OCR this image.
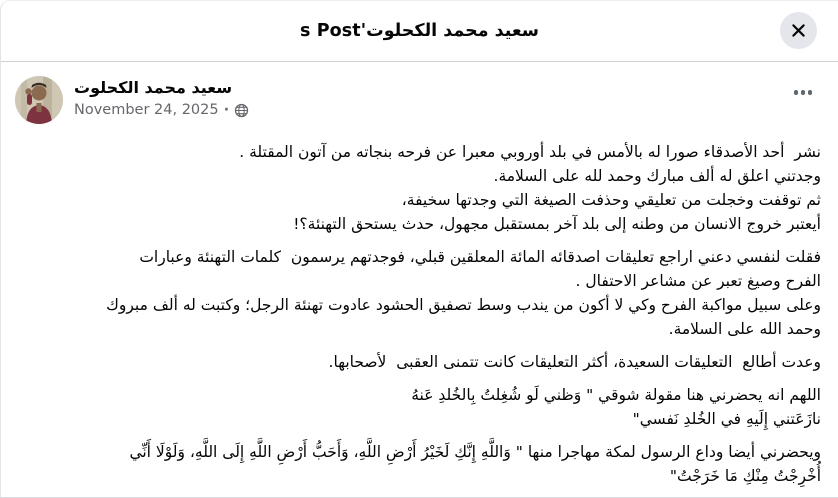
سعيد محمد الكحلوت's Post
سعيد محمد الكحلوت
November 24, 2025 ·
نشر  أحد الأصدقاء صورا له بالأمس في بلد أوروبي معبرا عن فرحه بنجاته من آتون المقتلة .
وجدتني اعلق له ألف مبارك وحمد لله على السلامة.
ثم توقفت وخجلت من تعليقي وحذفت الصيغة التي وجدتها سخيفة،
أيعتبر خروج الانسان من وطنه إلى بلد آخر بمستقبل مجهول، حدث يستحق التهنئة؟!
فقلت لنفسي دعني اراجع تعليقات اصدقائه المائة المعلقين قبلي، فوجدتهم يرسمون  كلمات التهنئة وعبارات
الفرح وصيغ تعبر عن مشاعر الاحتفال .
وعلى سبيل مواكبة الفرح وكي لا أكون من يندب وسط تصفيق الحشود عادوت تهنئة الرجل؛ وكتبت له ألف مبروك
وحمد الله على السلامة.
وعدت أطالع  التعليقات السعيدة، أكثر التعليقات كانت تتمنى العقبى  لأصحابها.
اللهم انه يحضرني هنا مقولة شوقي " وَظني لَو شُغِلتُ بِالخُلدِ عَنهُ
نازَعَتني إِلَيهِ في الخُلدِ نَفسي"
ويحضرني أيضا وداع الرسول لمكة مهاجرا منها " وَاللَّهِ إِنَّكِ لَخَيْرُ أَرْضِ اللَّهِ، وَأَحَبُّ أَرْضِ اللَّهِ إِلَى اللَّهِ، وَلَوْلَا أَنِّي
أُخْرِجْتُ مِنْكِ مَا خَرَجْتُ"
